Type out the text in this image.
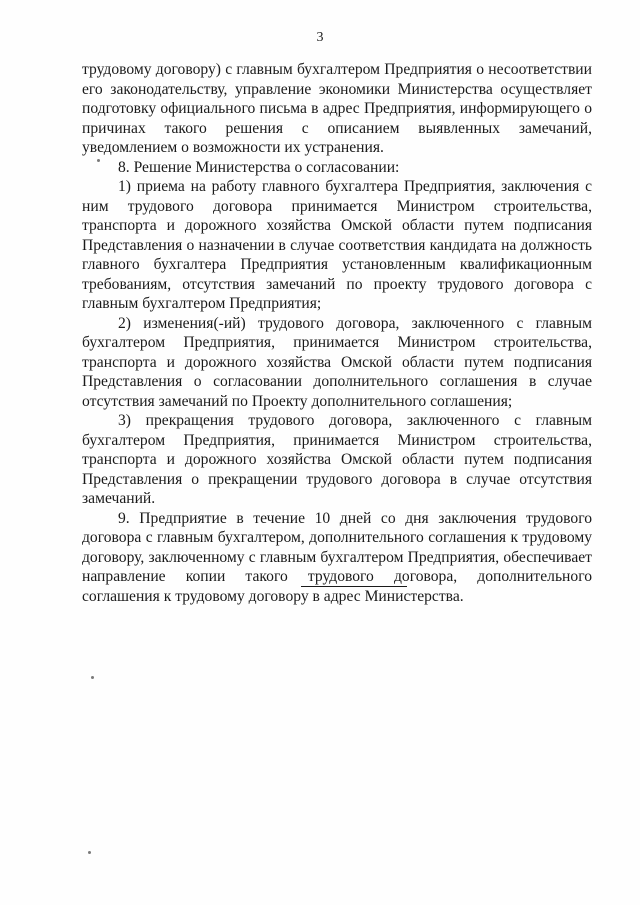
3

трудовому договору) с главным бухгалтером Предприятия о несоответствии его законодательству, управление экономики Министерства осуществляет подготовку официального письма в адрес Предприятия, информирующего о причинах такого решения с описанием выявленных замечаний, уведомлением о возможности их устранения.

8. Решение Министерства о согласовании:

1) приема на работу главного бухгалтера Предприятия, заключения с ним трудового договора принимается Министром строительства, транспорта и дорожного хозяйства Омской области путем подписания Представления о назначении в случае соответствия кандидата на должность главного бухгалтера Предприятия установленным квалификационным требованиям, отсутствия замечаний по проекту трудового договора с главным бухгалтером Предприятия;

2) изменения(-ий) трудового договора, заключенного с главным бухгалтером Предприятия, принимается Министром строительства, транспорта и дорожного хозяйства Омской области путем подписания Представления о согласовании дополнительного соглашения в случае отсутствия замечаний по Проекту дополнительного соглашения;

3) прекращения трудового договора, заключенного с главным бухгалтером Предприятия, принимается Министром строительства, транспорта и дорожного хозяйства Омской области путем подписания Представления о прекращении трудового договора в случае отсутствия замечаний.

9. Предприятие в течение 10 дней со дня заключения трудового договора с главным бухгалтером, дополнительного соглашения к трудовому договору, заключенному с главным бухгалтером Предприятия, обеспечивает направление копии такого трудового договора, дополнительного соглашения к трудовому договору в адрес Министерства.
